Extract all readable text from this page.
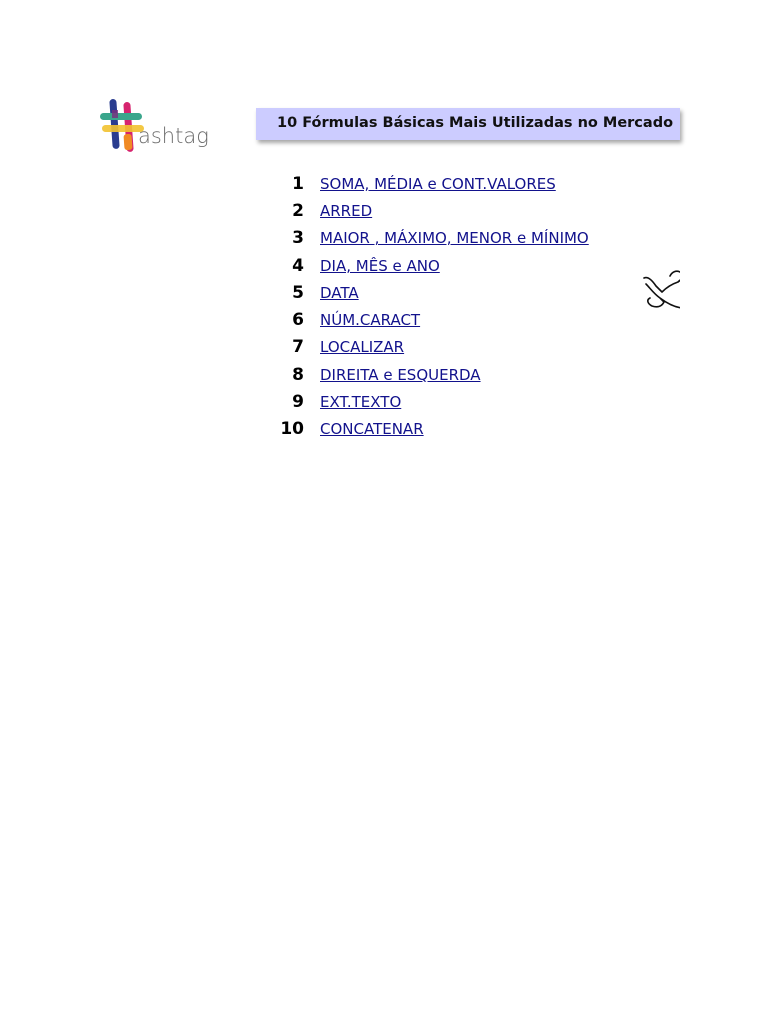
ashtag
10 Fórmulas Básicas Mais Utilizadas no Mercado
1 SOMA, MÉDIA e CONT.VALORES
2 ARRED
3 MAIOR , MÁXIMO, MENOR e MÍNIMO
4 DIA, MÊS e ANO
5 DATA
6 NÚM.CARACT
7 LOCALIZAR
8 DIREITA e ESQUERDA
9 EXT.TEXTO
10 CONCATENAR
